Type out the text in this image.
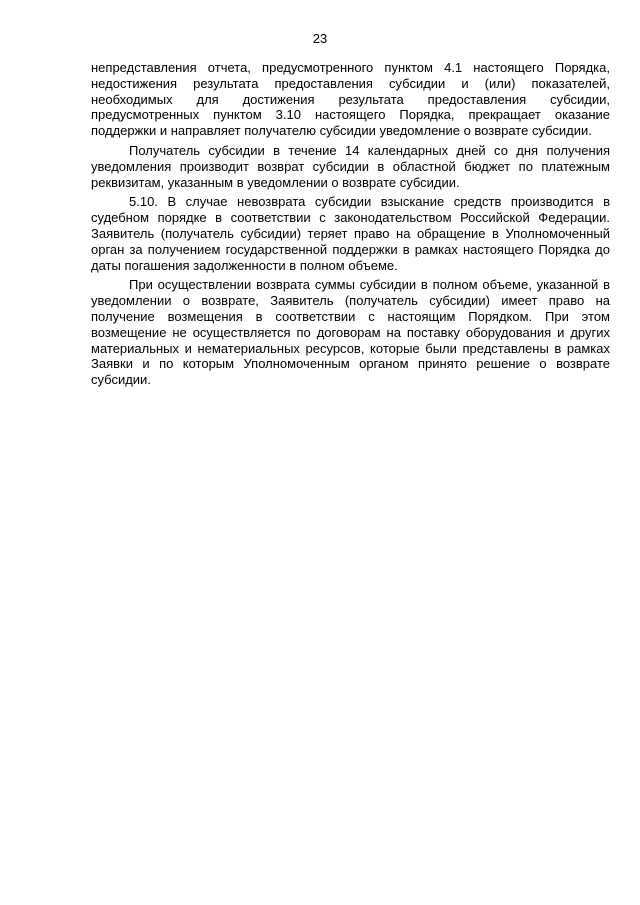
23

непредставления отчета, предусмотренного пунктом 4.1 настоящего Порядка, недостижения результата предоставления субсидии и (или) показателей, необходимых для достижения результата предоставления субсидии, предусмотренных пунктом 3.10 настоящего Порядка, прекращает оказание поддержки и направляет получателю субсидии уведомление о возврате субсидии.

Получатель субсидии в течение 14 календарных дней со дня получения уведомления производит возврат субсидии в областной бюджет по платежным реквизитам, указанным в уведомлении о возврате субсидии.

5.10. В случае невозврата субсидии взыскание средств производится в судебном порядке в соответствии с законодательством Российской Федерации. Заявитель (получатель субсидии) теряет право на обращение в Уполномоченный орган за получением государственной поддержки в рамках настоящего Порядка до даты погашения задолженности в полном объеме.

При осуществлении возврата суммы субсидии в полном объеме, указанной в уведомлении о возврате, Заявитель (получатель субсидии) имеет право на получение возмещения в соответствии с настоящим Порядком. При этом возмещение не осуществляется по договорам на поставку оборудования и других материальных и нематериальных ресурсов, которые были представлены в рамках Заявки и по которым Уполномоченным органом принято решение о возврате субсидии.
